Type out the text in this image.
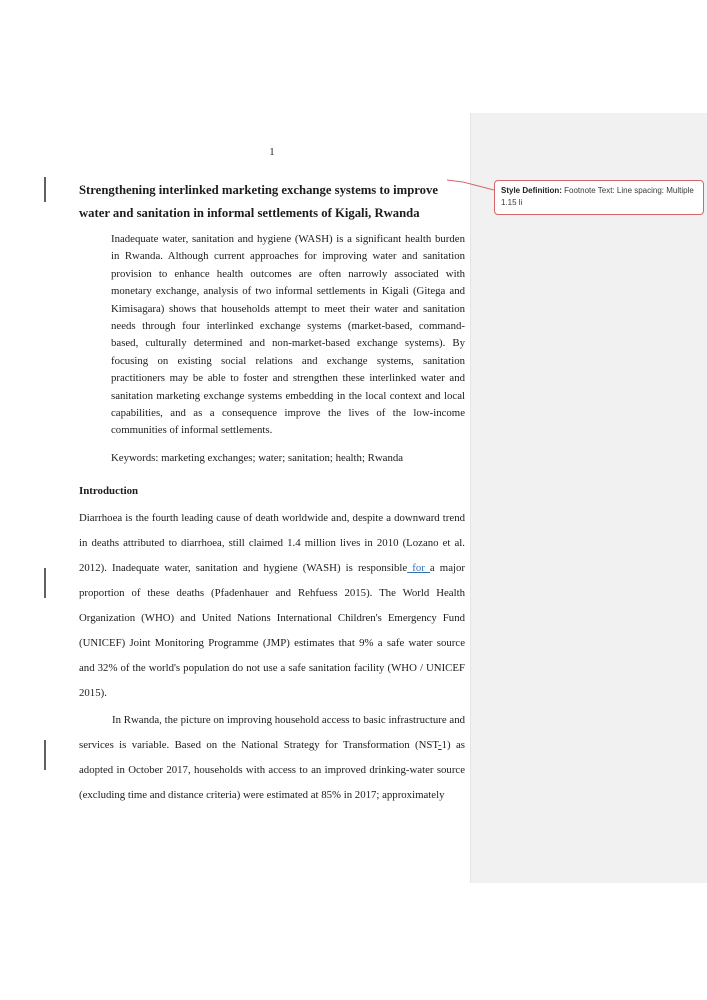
Style Definition: Footnote Text: Line spacing: Multiple 1.15 li
1
Strengthening interlinked marketing exchange systems to improve
water and sanitation in informal settlements of Kigali, Rwanda

Inadequate water, sanitation and hygiene (WASH) is a significant health burden in Rwanda. Although current approaches for improving water and sanitation provision to enhance health outcomes are often narrowly associated with monetary exchange, analysis of two informal settlements in Kigali (Gitega and Kimisagara) shows that households attempt to meet their water and sanitation needs through four interlinked exchange systems (market-based, command-based, culturally determined and non-market-based exchange systems). By focusing on existing social relations and exchange systems, sanitation practitioners may be able to foster and strengthen these interlinked water and sanitation marketing exchange systems embedding in the local context and local capabilities, and as a consequence improve the lives of the low-income communities of informal settlements.

Keywords: marketing exchanges; water; sanitation; health; Rwanda

Introduction

Diarrhoea is the fourth leading cause of death worldwide and, despite a downward trend in deaths attributed to diarrhoea, still claimed 1.4 million lives in 2010 (Lozano et al. 2012). Inadequate water, sanitation and hygiene (WASH) is responsible for a major proportion of these deaths (Pfadenhauer and Rehfuess 2015). The World Health Organization (WHO) and United Nations International Children's Emergency Fund (UNICEF) Joint Monitoring Programme (JMP) estimates that 9% a safe water source and 32% of the world's population do not use a safe sanitation facility (WHO / UNICEF 2015).

In Rwanda, the picture on improving household access to basic infrastructure and services is variable. Based on the National Strategy for Transformation (NST-1) as adopted in October 2017, households with access to an improved drinking-water source (excluding time and distance criteria) were estimated at 85% in 2017; approximately
